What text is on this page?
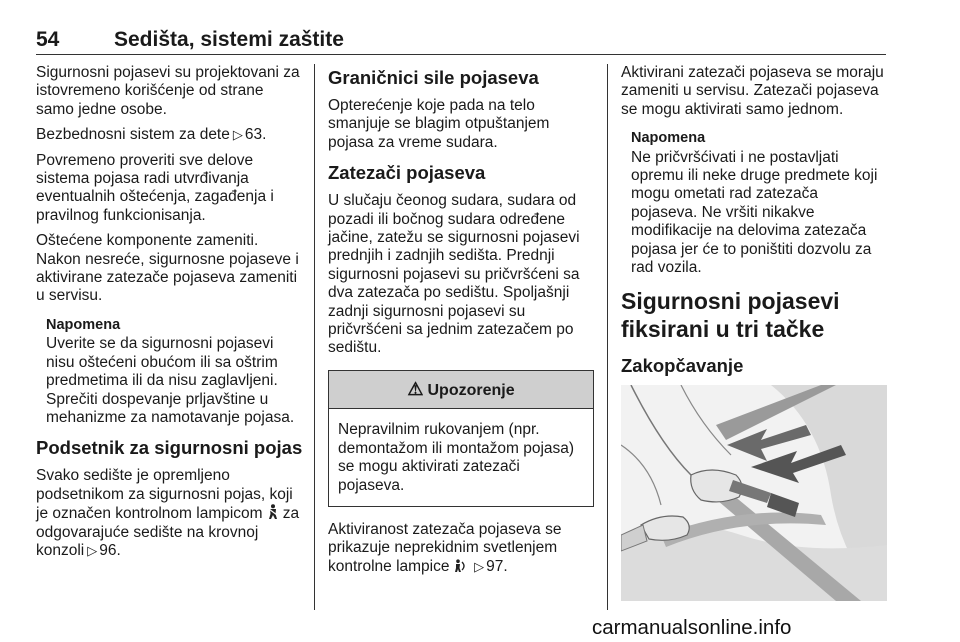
54	Sedišta, sistemi zaštite

Sigurnosni pojasevi su projektovani za istovremeno korišćenje od strane samo jedne osobe.

Bezbednosni sistem za dete ▷ 63.

Povremeno proveriti sve delove sistema pojasa radi utvrđivanja eventualnih oštećenja, zagađenja i pravilnog funkcionisanja.

Oštećene komponente zameniti. Nakon nesreće, sigurnosne pojaseve i aktivirane zatezače pojaseva zameniti u servisu.

Napomena
Uverite se da sigurnosni pojasevi nisu oštećeni obućom ili sa oštrim predmetima ili da nisu zaglavljeni. Sprečiti dospevanje prljavštine u mehanizme za namotavanje pojasa.
Podsetnik za sigurnosni pojas

Svako sedište je opremljeno podsetnikom za sigurnosni pojas, koji je označen kontrolnom lampicom za odgovarajuće sedište na krovnoj konzoli ▷ 96.

Graničnici sile pojaseva

Opterećenje koje pada na telo smanjuje se blagim otpuštanjem pojasa za vreme sudara.

Zatezači pojaseva

U slučaju čeonog sudara, sudara od pozadi ili bočnog sudara određene jačine, zatežu se sigurnosni pojasevi prednjih i zadnjih sedišta. Prednji sigurnosni pojasevi su pričvršćeni sa dva zatezača po sedištu. Spoljašnji zadnji sigurnosni pojasevi su pričvršćeni sa jednim zatezačem po sedištu.

⚠ Upozorenje
Nepravilnim rukovanjem (npr. demontažom ili montažom pojasa) se mogu aktivirati zatezači pojaseva.

Aktiviranost zatezača pojaseva se prikazuje neprekidnim svetlenjem kontrolne lampice ▷ 97.

Aktivirani zatezači pojaseva se moraju zameniti u servisu. Zatezači pojaseva se mogu aktivirati samo jednom.

Napomena
Ne pričvršćivati i ne postavljati opremu ili neke druge predmete koji mogu ometati rad zatezača pojaseva. Ne vršiti nikakve modifikacije na delovima zatezača pojasa jer će to poništiti dozvolu za rad vozila.
Sigurnosni pojasevi fiksirani u tri tačke
Zakopčavanje
carmanualsonline.info
